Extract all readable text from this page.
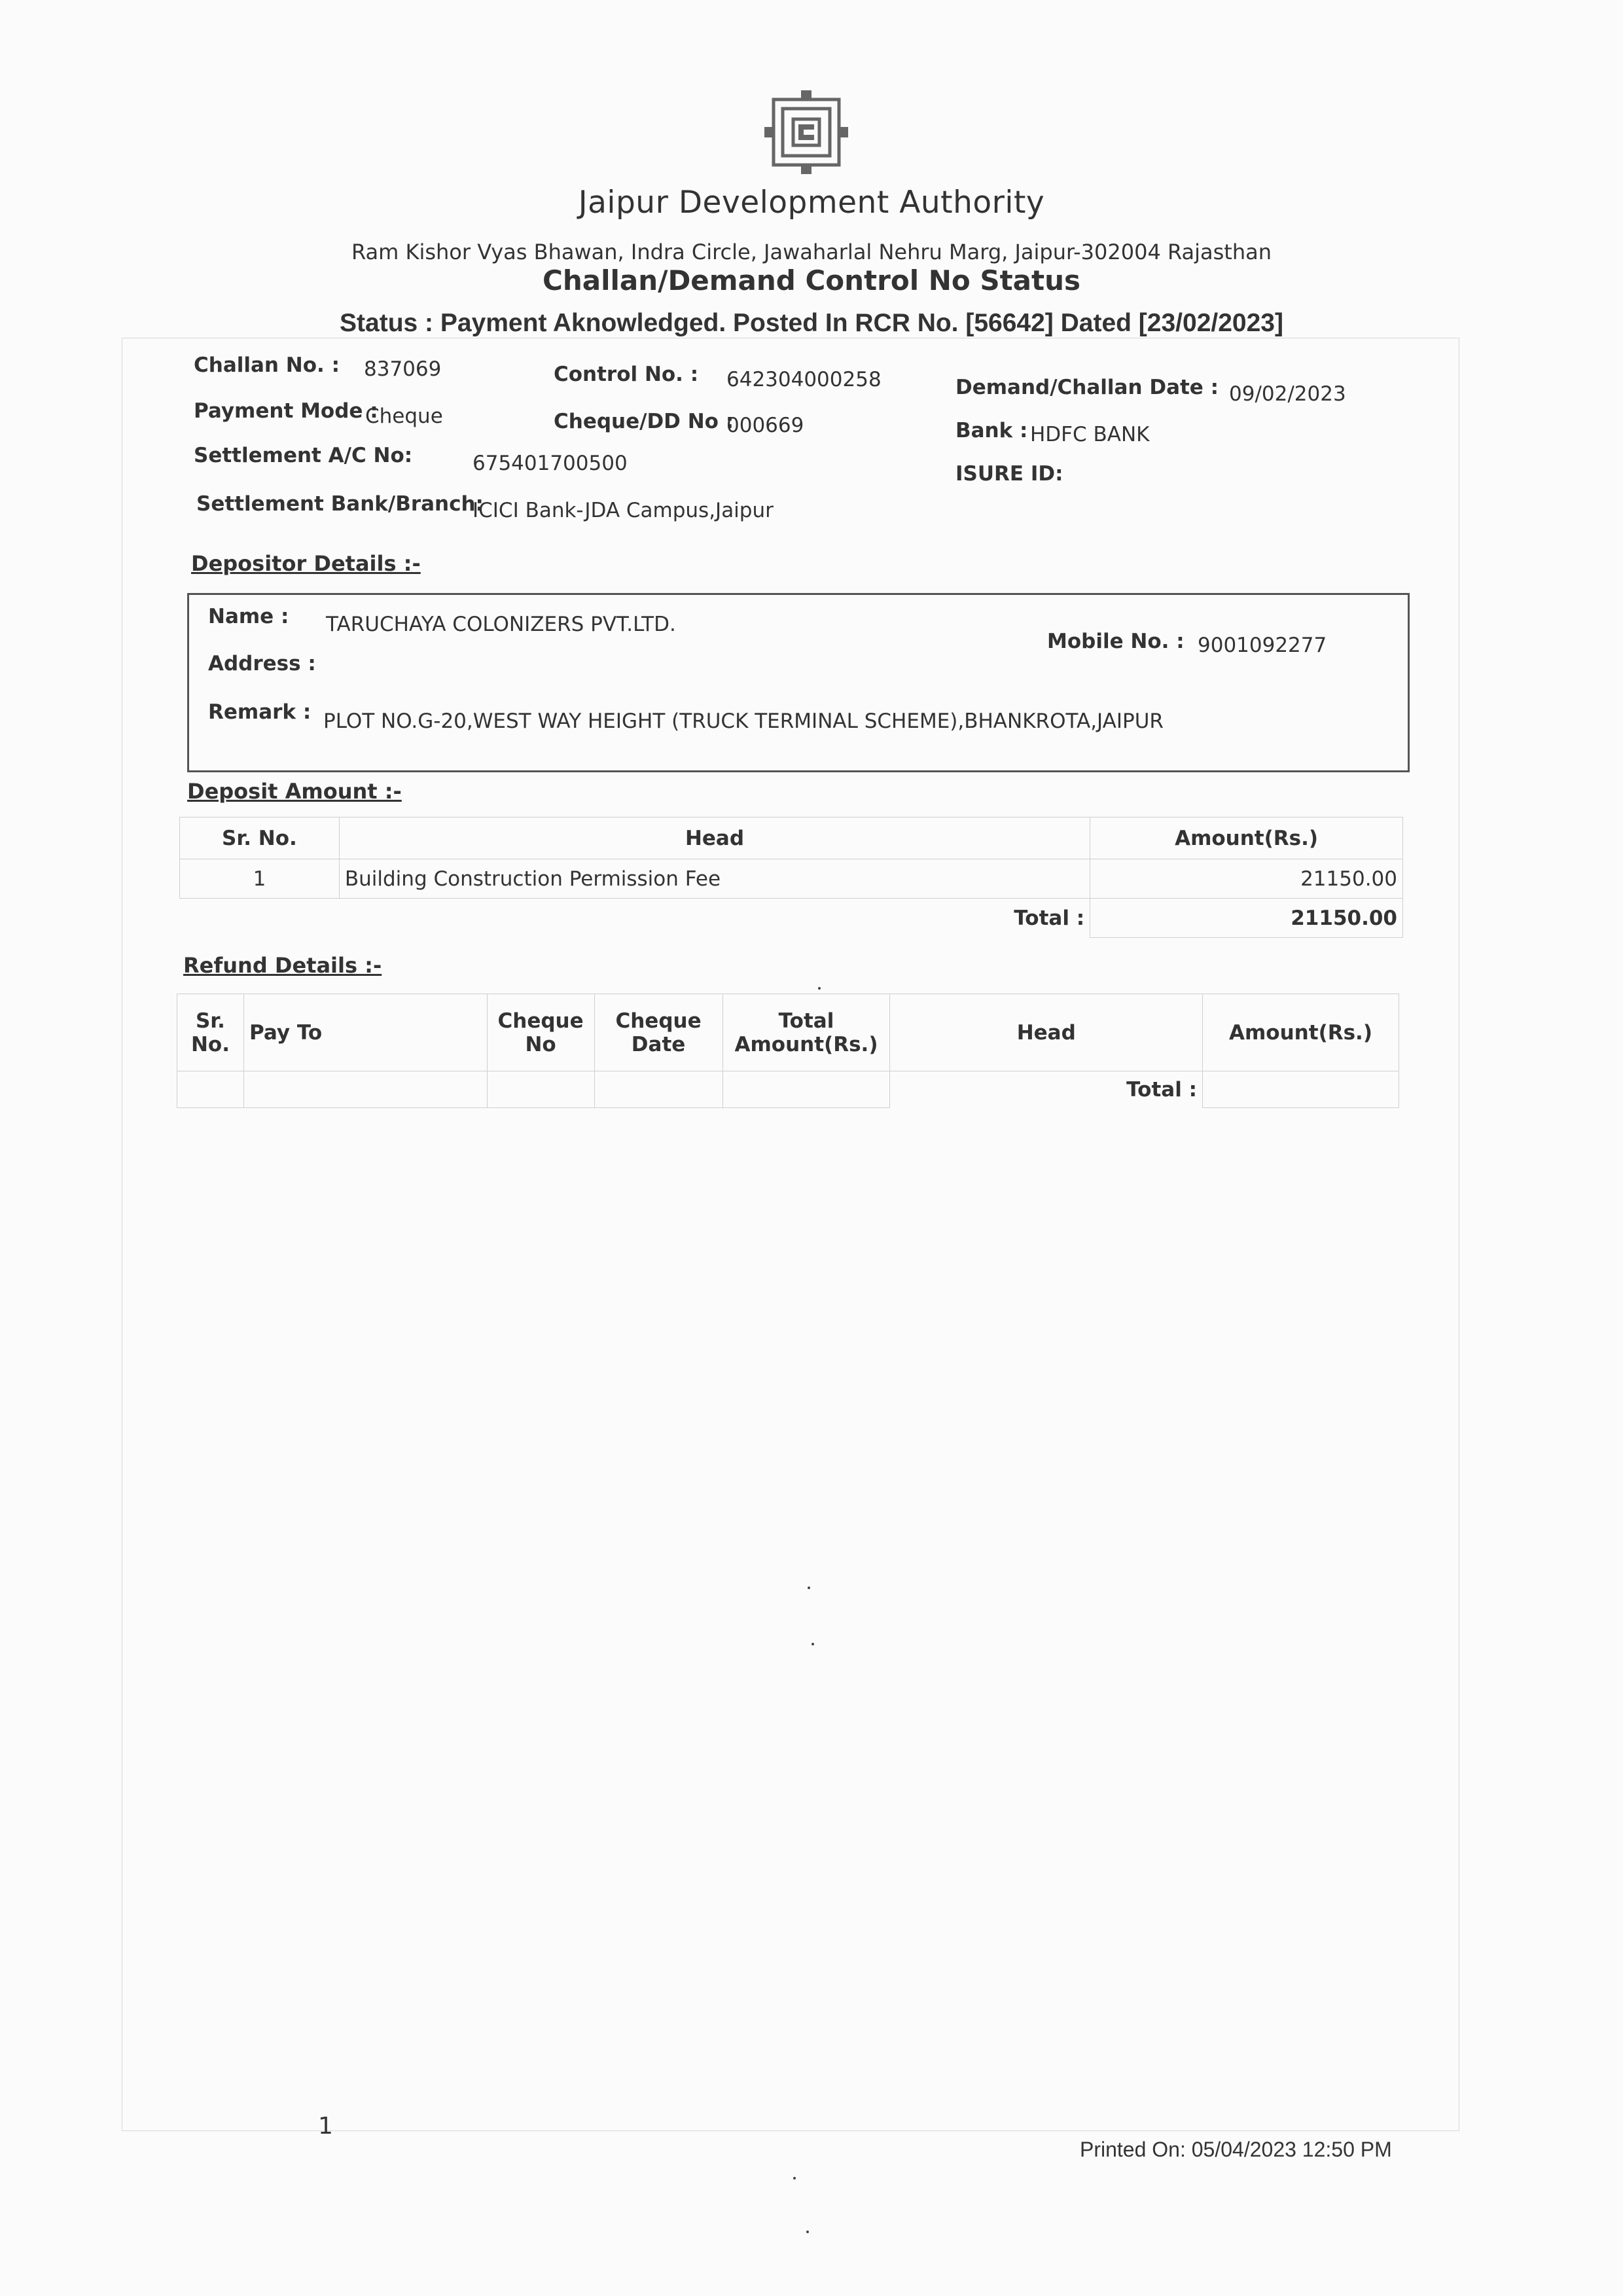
Jaipur Development Authority
Ram Kishor Vyas Bhawan, Indra Circle, Jawaharlal Nehru Marg, Jaipur-302004 Rajasthan
Challan/Demand Control No Status
Status : Payment Aknowledged. Posted In RCR No. [56642] Dated [23/02/2023]
Challan No. : 837069	Control No. : 642304000258	Demand/Challan Date : 09/02/2023
Payment Mode :
Cheque	Cheque/DD No :
000669	Bank : HDFC BANK
Settlement A/C No:	675401700500	ISURE ID:
Settlement Bank/Branch:
ICICI Bank-JDA Campus,Jaipur
Depositor Details :-
Name : TARUCHAYA COLONIZERS PVT.LTD.
Mobile No. : 9001092277
Address :
Remark : PLOT NO.G-20,WEST WAY HEIGHT (TRUCK TERMINAL SCHEME),BHANKROTA,JAIPUR
Deposit Amount :-
Sr. No.	Head	Amount(Rs.)
1	Building Construction Permission Fee	21150.00
	Total :	21150.00
Refund Details :-
Sr. No.	Pay To	Cheque No	Cheque Date	Total Amount(Rs.)	Head	Amount(Rs.)
					Total :	
1
Printed On: 05/04/2023 12:50 PM
